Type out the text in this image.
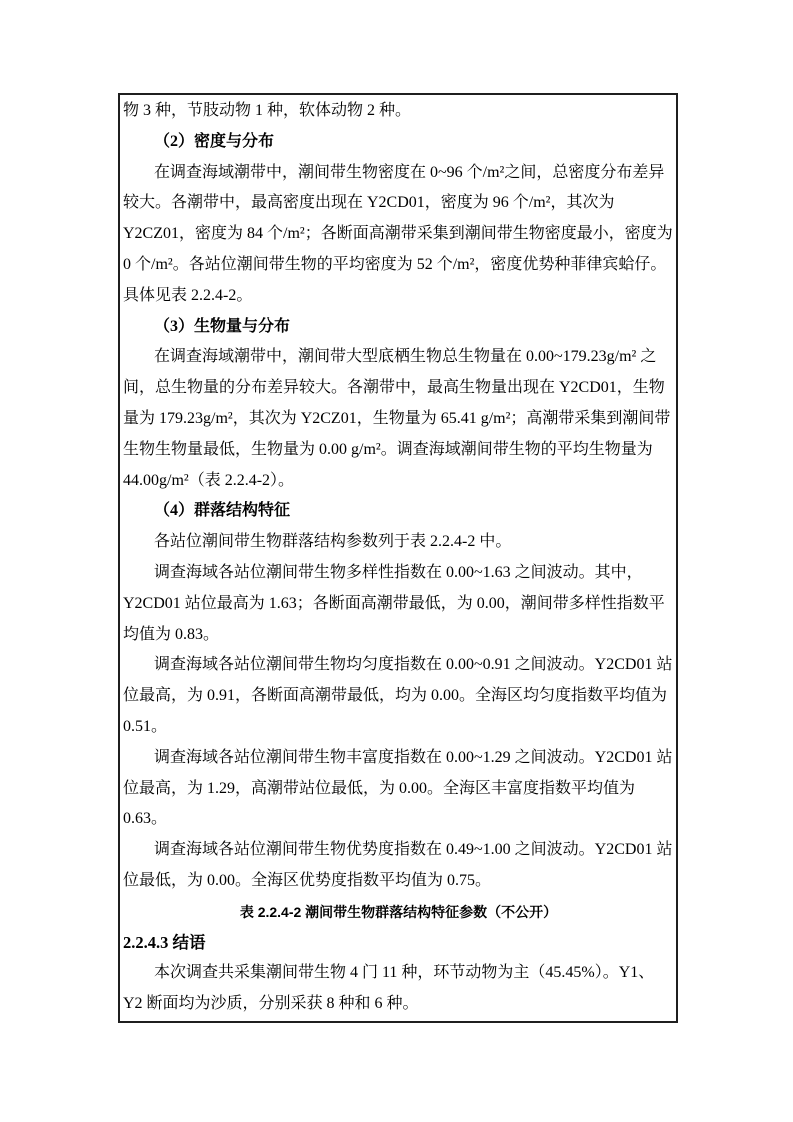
物 3 种，节肢动物 1 种，软体动物 2 种。
（2）密度与分布
在调查海域潮带中，潮间带生物密度在 0~96 个/m²之间，总密度分布差异
较大。各潮带中，最高密度出现在 Y2CD01，密度为 96 个/m²，其次为
Y2CZ01，密度为 84 个/m²；各断面高潮带采集到潮间带生物密度最小，密度为
0 个/m²。各站位潮间带生物的平均密度为 52 个/m²，密度优势种菲律宾蛤仔。
具体见表 2.2.4-2。
（3）生物量与分布
在调查海域潮带中，潮间带大型底栖生物总生物量在 0.00~179.23g/m² 之
间，总生物量的分布差异较大。各潮带中，最高生物量出现在 Y2CD01，生物
量为 179.23g/m²，其次为 Y2CZ01，生物量为 65.41 g/m²；高潮带采集到潮间带
生物生物量最低，生物量为 0.00 g/m²。调查海域潮间带生物的平均生物量为
44.00g/m²（表 2.2.4-2）。
（4）群落结构特征
各站位潮间带生物群落结构参数列于表 2.2.4-2 中。
调查海域各站位潮间带生物多样性指数在 0.00~1.63 之间波动。其中，
Y2CD01 站位最高为 1.63；各断面高潮带最低，为 0.00，潮间带多样性指数平
均值为 0.83。
调查海域各站位潮间带生物均匀度指数在 0.00~0.91 之间波动。Y2CD01 站
位最高，为 0.91，各断面高潮带最低，均为 0.00。全海区均匀度指数平均值为
0.51。
调查海域各站位潮间带生物丰富度指数在 0.00~1.29 之间波动。Y2CD01 站
位最高，为 1.29，高潮带站位最低，为 0.00。全海区丰富度指数平均值为
0.63。
调查海域各站位潮间带生物优势度指数在 0.49~1.00 之间波动。Y2CD01 站
位最低，为 0.00。全海区优势度指数平均值为 0.75。
表 2.2.4-2 潮间带生物群落结构特征参数（不公开）
2.2.4.3 结语
本次调查共采集潮间带生物 4 门 11 种，环节动物为主（45.45%）。Y1、
Y2 断面均为沙质，分别采获 8 种和 6 种。
